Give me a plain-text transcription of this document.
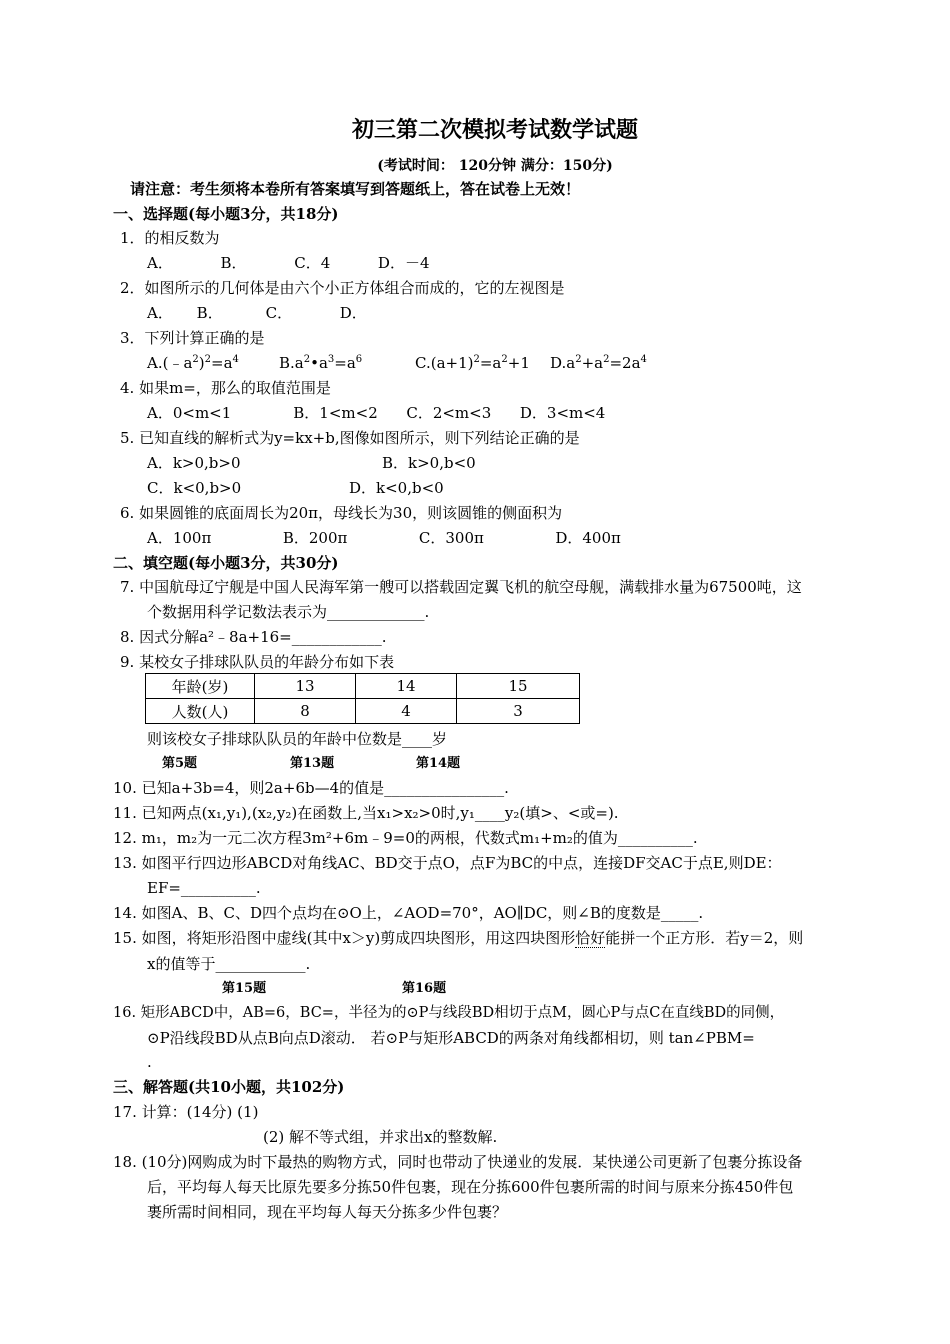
初三第二次模拟考试数学试题
(考试时间： 120分钟 满分：150分)
请注意：考生须将本卷所有答案填写到答题纸上，答在试卷上无效！
一、选择题(每小题3分，共18分)
1．的相反数为
A．          B．          C．4          D．－4
2．如图所示的几何体是由六个小正方体组合而成的，它的左视图是
A．     B．         C．          D．
3．下列计算正确的是
$A.(﹣a^2)^2=a^4$	$B.a^2•a^3=a^6$	$C.(a+1)^2=a^2+1$ $D.a^2+a^2=2a^4$
4. 如果m=，那么的取值范围是
A．0<m<1             B．1<m<2      C．2<m<3      D．3<m<4
5. 已知直线的解析式为y=kx+b,图像如图所示，则下列结论正确的是
A．k>0,b>0	B．k>0,b<0
C．k<0,b>0	D．k<0,b<0
6. 如果圆锥的底面周长为20π，母线长为30，则该圆锥的侧面积为
A．100π               B．200π               C．300π               D．400π
二、填空题(每小题3分，共30分)
7. 中国航母辽宁舰是中国人民海军第一艘可以搭载固定翼飞机的航空母舰，满载排水量为67500吨，这
个数据用科学记数法表示为_____________.
8. 因式分解a²﹣8a+16=____________.
9. 某校女子排球队队员的年龄分布如下表
年龄(岁)	13	14	15
人数(人)	8	4	3
则该校女子排球队队员的年龄中位数是____岁
第5题	第13题	第14题
10. 已知a+3b=4，则2a+6b—4的值是________________.
11. 已知两点(x₁,y₁),(x₂,y₂)在函数上,当x₁>x₂>0时,y₁____y₂(填>、<或=).
12. m₁，m₂为一元二次方程3m²+6m﹣9=0的两根，代数式m₁+m₂的值为__________.
13. 如图平行四边形ABCD对角线AC、BD交于点O，点F为BC的中点，连接DF交AC于点E,则DE：
EF=__________.
14. 如图A、B、C、D四个点均在⊙O上，∠AOD=70°，AO∥DC，则∠B的度数是_____.
15. 如图，将矩形沿图中虚线(其中x＞y)剪成四块图形，用这四块图形恰好能拼一个正方形．若y＝2，则
x的值等于____________.
第15题	第16题
16. 矩形ABCD中，AB=6，BC=，半径为的⊙P与线段BD相切于点M，圆心P与点C在直线BD的同侧，
⊙P沿线段BD从点B向点D滚动． 若⊙P与矩形ABCD的两条对角线都相切，则 tan∠PBM=
.
三、解答题(共10小题，共102分)
17. 计算：(14分) (1)
(2) 解不等式组，并求出x的整数解.
18. (10分)网购成为时下最热的购物方式，同时也带动了快递业的发展．某快递公司更新了包裹分拣设备
后，平均每人每天比原先要多分拣50件包裹，现在分拣600件包裹所需的时间与原来分拣450件包
裹所需时间相同，现在平均每人每天分拣多少件包裹？
